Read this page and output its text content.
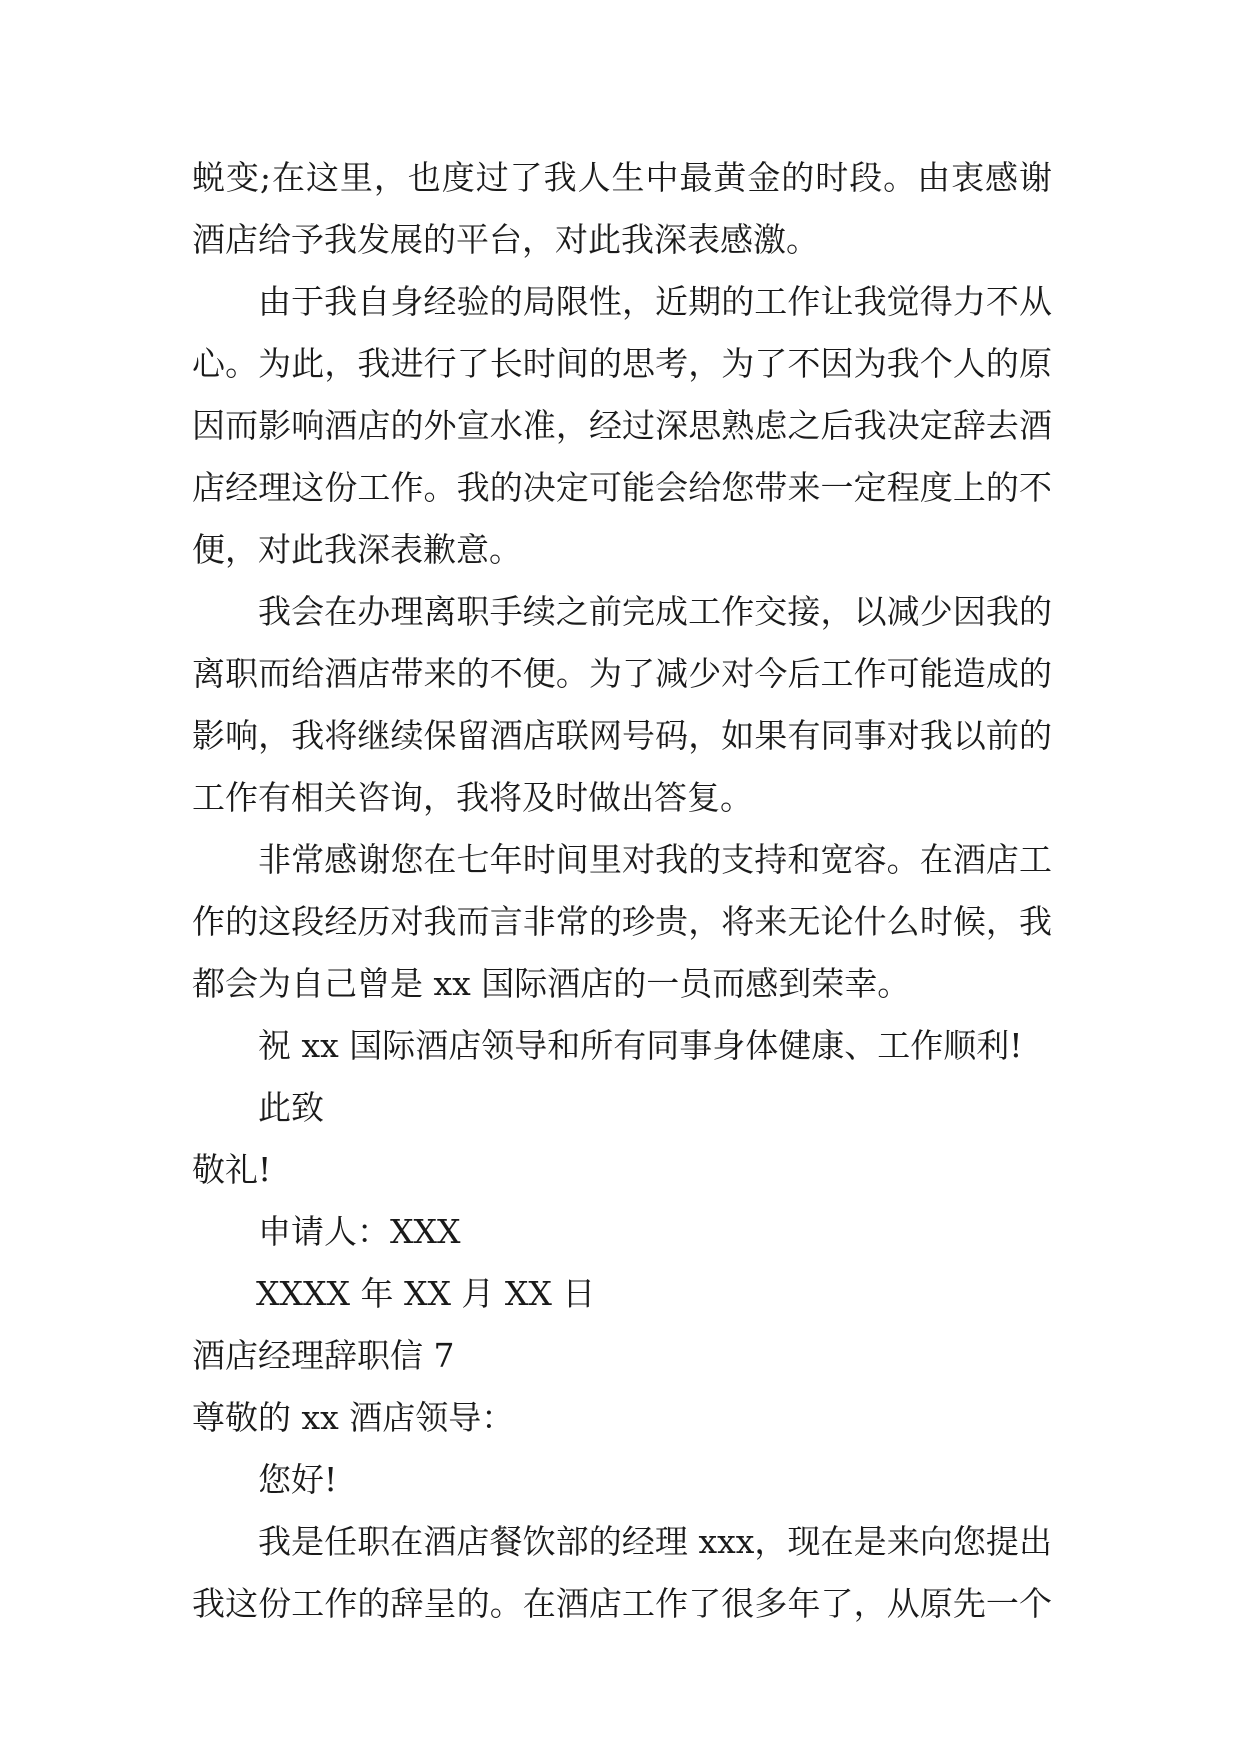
蜕变;在这里，也度过了我人生中最黄金的时段。由衷感谢
酒店给予我发展的平台，对此我深表感激。
由于我自身经验的局限性，近期的工作让我觉得力不从
心。为此，我进行了长时间的思考，为了不因为我个人的原
因而影响酒店的外宣水准，经过深思熟虑之后我决定辞去酒
店经理这份工作。我的决定可能会给您带来一定程度上的不
便，对此我深表歉意。
我会在办理离职手续之前完成工作交接，以减少因我的
离职而给酒店带来的不便。为了减少对今后工作可能造成的
影响，我将继续保留酒店联网号码，如果有同事对我以前的
工作有相关咨询，我将及时做出答复。
非常感谢您在七年时间里对我的支持和宽容。在酒店工
作的这段经历对我而言非常的珍贵，将来无论什么时候，我
都会为自己曾是 xx 国际酒店的一员而感到荣幸。
祝 xx 国际酒店领导和所有同事身体健康、工作顺利!
此致
敬礼!
申请人：XXX
XXXX 年 XX 月 XX 日
酒店经理辞职信 7
尊敬的 xx 酒店领导：
您好!
我是任职在酒店餐饮部的经理 xxx，现在是来向您提出
我这份工作的辞呈的。在酒店工作了很多年了，从原先一个
